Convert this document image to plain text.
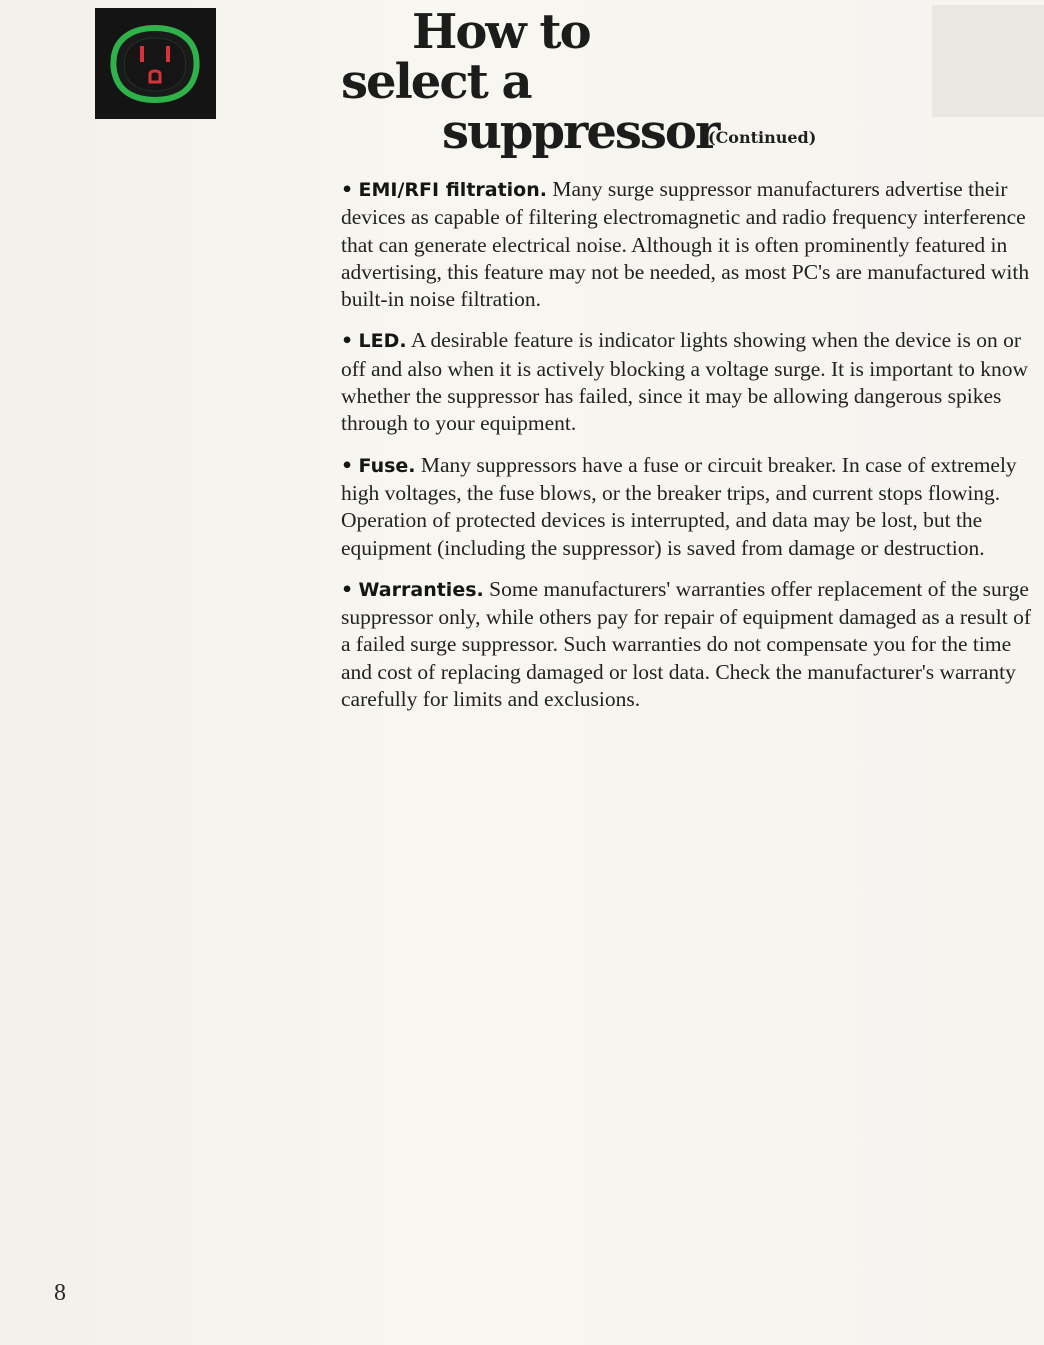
How to
select a
suppressor
(Continued)

• EMI/RFI filtration. Many surge suppressor manufacturers advertise their devices as capable of filtering electromagnetic and radio frequency interference that can generate electrical noise. Although it is often prominently featured in advertising, this feature may not be needed, as most PC's are manufactured with built-in noise filtration.

• LED. A desirable feature is indicator lights showing when the device is on or off and also when it is actively blocking a voltage surge. It is important to know whether the suppressor has failed, since it may be allowing dangerous spikes through to your equipment.

• Fuse. Many suppressors have a fuse or circuit breaker. In case of extremely high voltages, the fuse blows, or the breaker trips, and current stops flowing. Operation of protected devices is interrupted, and data may be lost, but the equipment (including the suppressor) is saved from damage or destruction.

• Warranties. Some manufacturers' warranties offer replacement of the surge suppressor only, while others pay for repair of equipment damaged as a result of a failed surge suppressor. Such warranties do not compensate you for the time and cost of replacing damaged or lost data. Check the manufacturer's warranty carefully for limits and exclusions.

8
